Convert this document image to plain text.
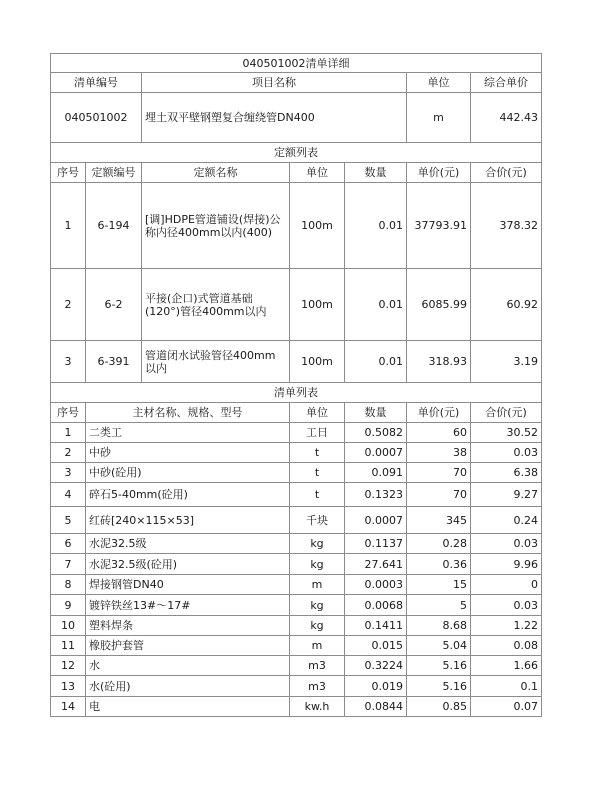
040501002清单详细						
清单编号		项目名称			单位	综合单价
040501002		埋土双平壁钢塑复合缠绕管DN400			m	442.43
定额列表						
序号	定额编号	定额名称	单位	数量	单价(元)	合价(元)
1	6-194	[调]HDPE管道铺设(焊接)公称内径400mm以内(400)	100m	0.01	37793.91	378.32
2	6-2	平接(企口)式管道基础(120°)管径400mm以内	100m	0.01	6085.99	60.92
3	6-391	管道闭水试验管径400mm以内	100m	0.01	318.93	3.19
清单列表						
序号	主材名称、规格、型号		单位	数量	单价(元)	合价(元)
1	二类工		工日	0.5082	60	30.52
2	中砂		t	0.0007	38	0.03
3	中砂(砼用)		t	0.091	70	6.38
4	碎石5-40mm(砼用)		t	0.1323	70	9.27
5	红砖[240×115×53]		千块	0.0007	345	0.24
6	水泥32.5级		kg	0.1137	0.28	0.03
7	水泥32.5级(砼用)		kg	27.641	0.36	9.96
8	焊接钢管DN40		m	0.0003	15	0
9	镀锌铁丝13#～17#		kg	0.0068	5	0.03
10	塑料焊条		kg	0.1411	8.68	1.22
11	橡胶护套管		m	0.015	5.04	0.08
12	水		m3	0.3224	5.16	1.66
13	水(砼用)		m3	0.019	5.16	0.1
14	电		kw.h	0.0844	0.85	0.07
